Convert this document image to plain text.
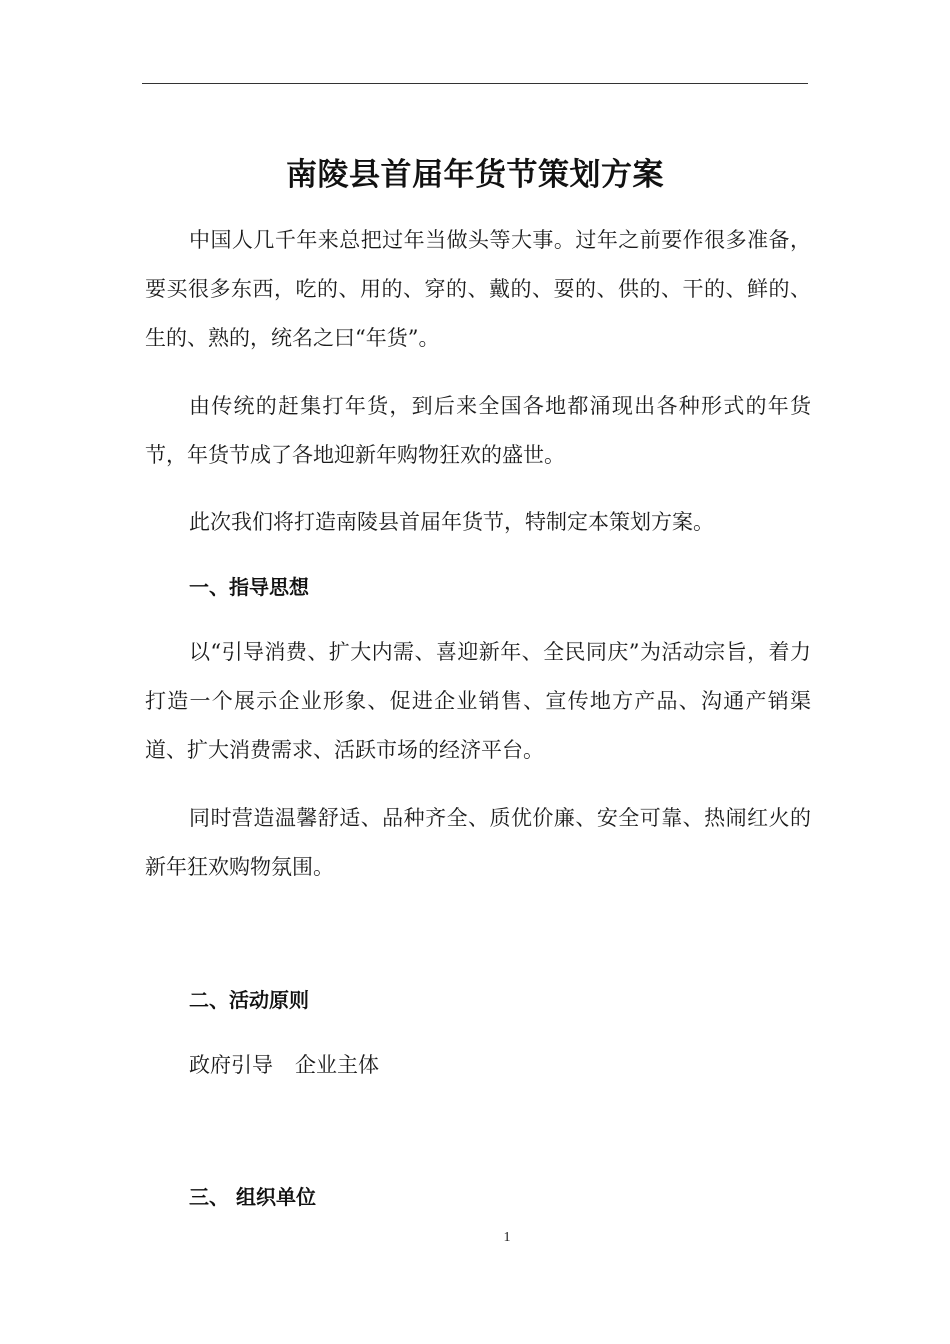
南陵县首届年货节策划方案

中国人几千年来总把过年当做头等大事。过年之前要作很多准备，要买很多东西，吃的、用的、穿的、戴的、耍的、供的、干的、鲜的、生的、熟的，统名之曰“年货”。

由传统的赶集打年货，到后来全国各地都涌现出各种形式的年货节，年货节成了各地迎新年购物狂欢的盛世。

此次我们将打造南陵县首届年货节，特制定本策划方案。

一、指导思想

以“引导消费、扩大内需、喜迎新年、全民同庆”为活动宗旨，着力打造一个展示企业形象、促进企业销售、宣传地方产品、沟通产销渠道、扩大消费需求、活跃市场的经济平台。

同时营造温馨舒适、品种齐全、质优价廉、安全可靠、热闹红火的新年狂欢购物氛围。

二、活动原则

政府引导 企业主体

三、 组织单位
1
